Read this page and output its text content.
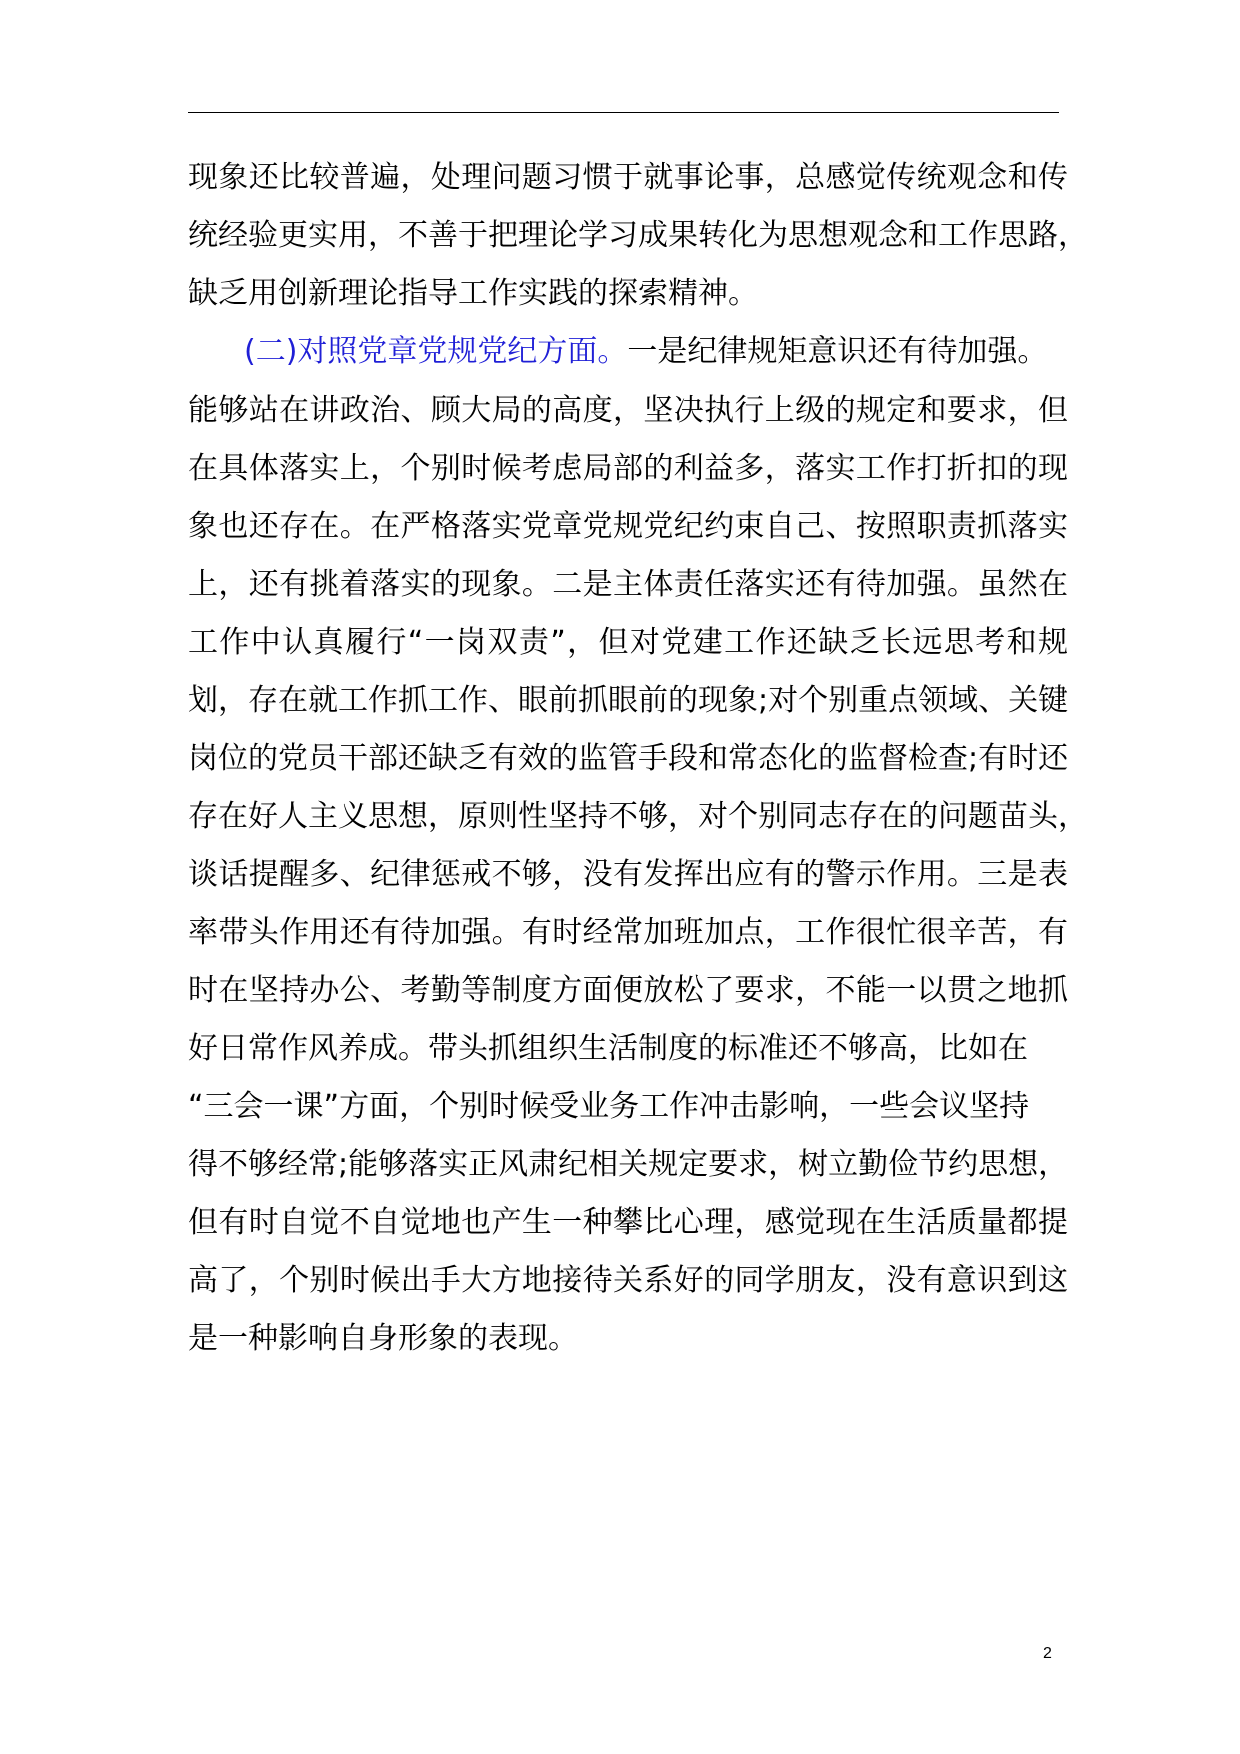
现象还比较普遍，处理问题习惯于就事论事，总感觉传统观念和传
统经验更实用，不善于把理论学习成果转化为思想观念和工作思路，
缺乏用创新理论指导工作实践的探索精神。
(二)对照党章党规党纪方面。一是纪律规矩意识还有待加强。
能够站在讲政治、顾大局的高度，坚决执行上级的规定和要求，但
在具体落实上，个别时候考虑局部的利益多，落实工作打折扣的现
象也还存在。在严格落实党章党规党纪约束自己、按照职责抓落实
上，还有挑着落实的现象。二是主体责任落实还有待加强。虽然在
工作中认真履行“一岗双责”，但对党建工作还缺乏长远思考和规
划，存在就工作抓工作、眼前抓眼前的现象;对个别重点领域、关键
岗位的党员干部还缺乏有效的监管手段和常态化的监督检查;有时还
存在好人主义思想，原则性坚持不够，对个别同志存在的问题苗头，
谈话提醒多、纪律惩戒不够，没有发挥出应有的警示作用。三是表
率带头作用还有待加强。有时经常加班加点，工作很忙很辛苦，有
时在坚持办公、考勤等制度方面便放松了要求，不能一以贯之地抓
好日常作风养成。带头抓组织生活制度的标准还不够高，比如在
“三会一课”方面，个别时候受业务工作冲击影响，一些会议坚持
得不够经常;能够落实正风肃纪相关规定要求，树立勤俭节约思想，
但有时自觉不自觉地也产生一种攀比心理，感觉现在生活质量都提
高了，个别时候出手大方地接待关系好的同学朋友，没有意识到这
是一种影响自身形象的表现。
2
